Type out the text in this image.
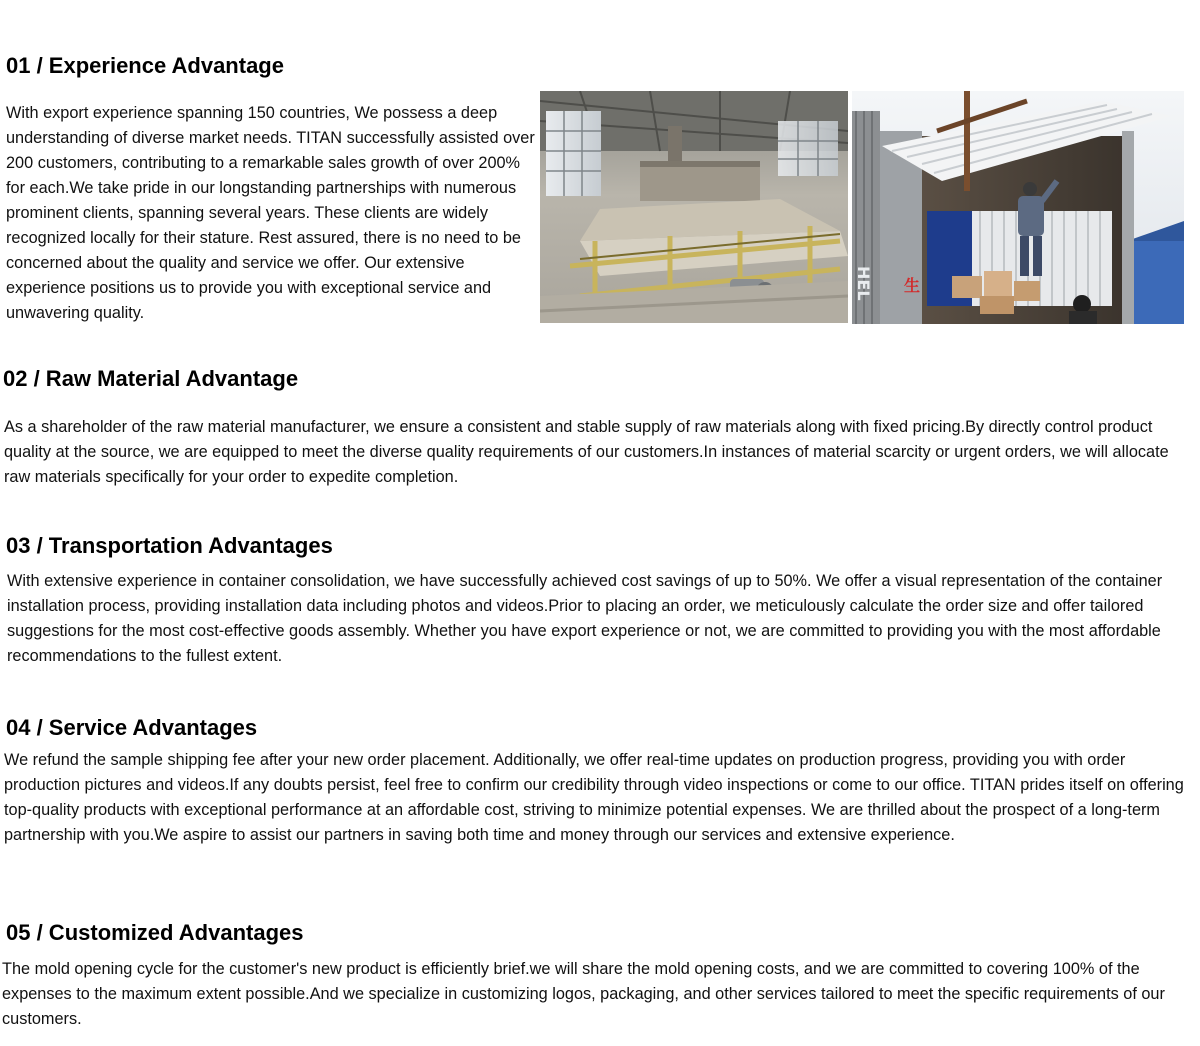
01 / Experience Advantage

With export experience spanning 150 countries, We possess a deep understanding of diverse market needs. TITAN successfully assisted over 200 customers, contributing to a remarkable sales growth of over 200% for each.We take pride in our longstanding partnerships with numerous prominent clients, spanning several years. These clients are widely recognized locally for their stature. Rest assured, there is no need to be concerned about the quality and service we offer. Our extensive experience positions us to provide you with exceptional service and unwavering quality.

生
HEL
02 / Raw Material Advantage

As a shareholder of the raw material manufacturer, we ensure a consistent and stable supply of raw materials along with fixed pricing.By directly control product quality at the source, we are equipped to meet the diverse quality requirements of our customers.In instances of material scarcity or urgent orders, we will allocate raw materials specifically for your order to expedite completion.

03 / Transportation Advantages

With extensive experience in container consolidation, we have successfully achieved cost savings of up to 50%. We offer a visual representation of the container installation process, providing installation data including photos and videos.Prior to placing an order, we meticulously calculate the order size and offer tailored suggestions for the most cost-effective goods assembly. Whether you have export experience or not, we are committed to providing you with the most affordable recommendations to the fullest extent.

04 / Service Advantages

We refund the sample shipping fee after your new order placement. Additionally, we offer real-time updates on production progress, providing you with order production pictures and videos.If any doubts persist, feel free to confirm our credibility through video inspections or come to our office. TITAN prides itself on offering top-quality products with exceptional performance at an affordable cost, striving to minimize potential expenses. We are thrilled about the prospect of a long-term partnership with you.We aspire to assist our partners in saving both time and money through our services and extensive experience.

05 / Customized Advantages

The mold opening cycle for the customer's new product is efficiently brief.we will share the mold opening costs, and we are committed to covering 100% of the expenses to the maximum extent possible.And we specialize in customizing logos, packaging, and other services tailored to meet the specific requirements of our customers.
